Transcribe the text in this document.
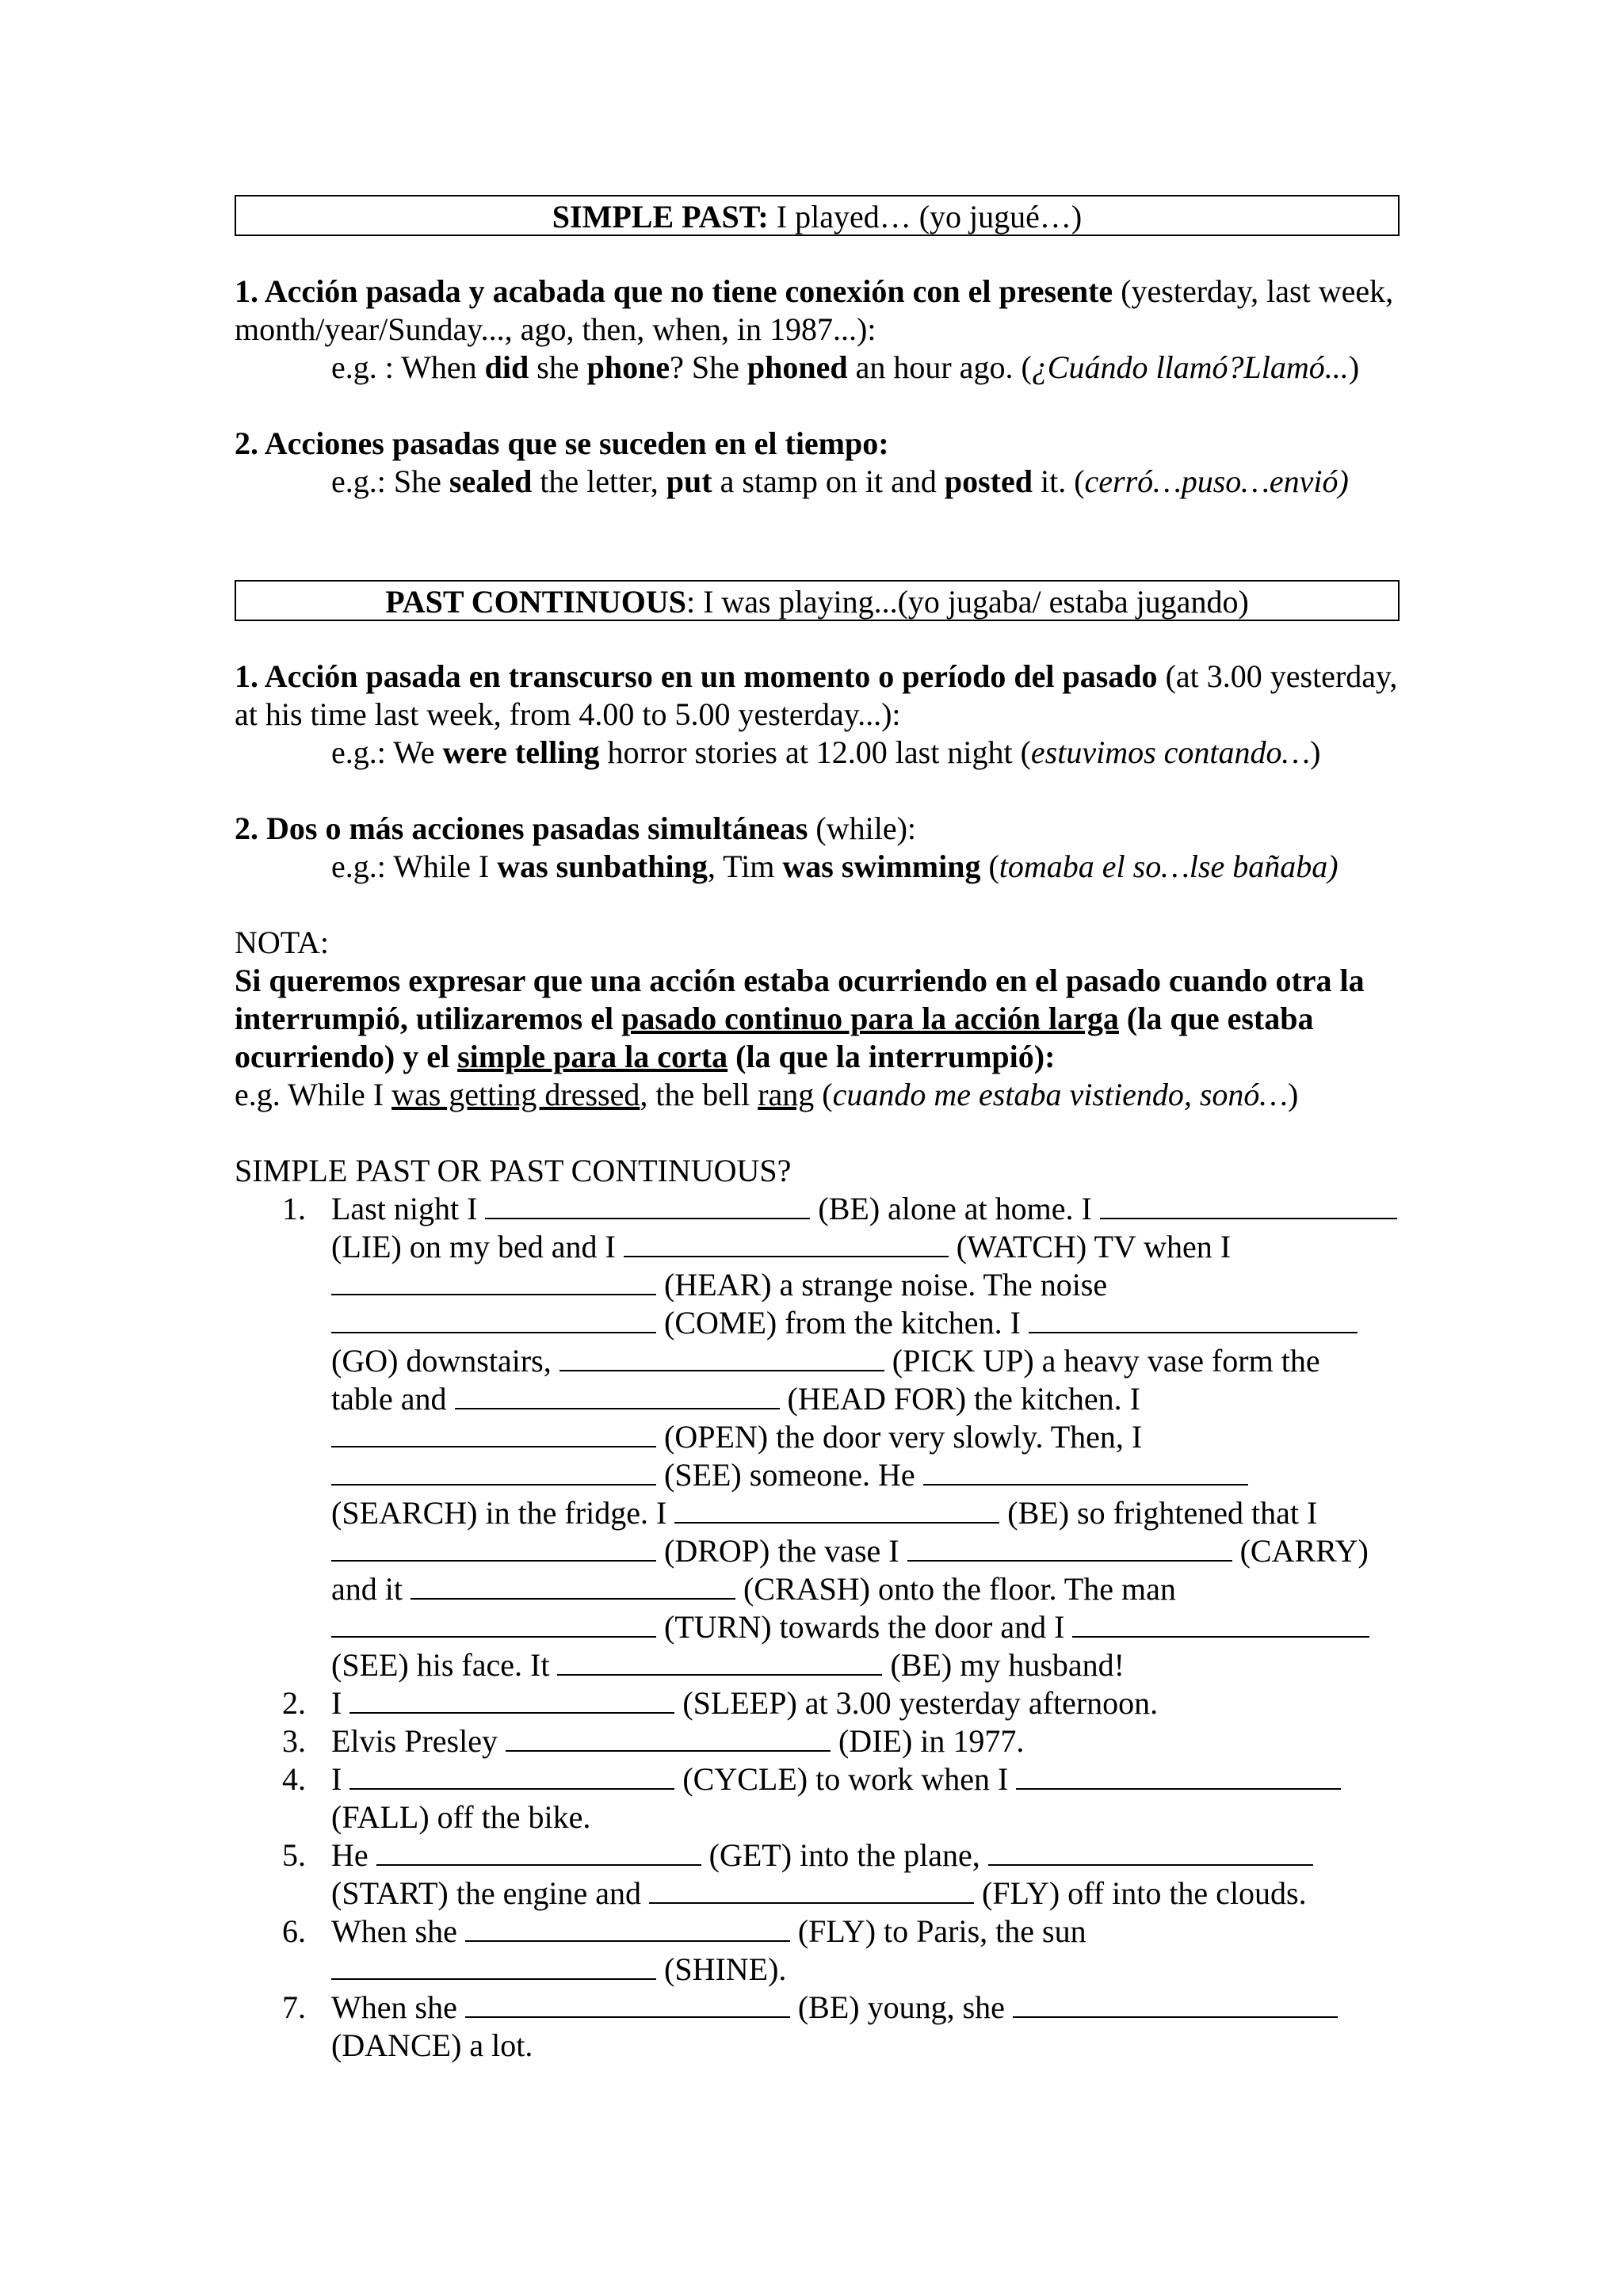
SIMPLE PAST: I played… (yo jugué…)

1. Acción pasada y acabada que no tiene conexión con el presente (yesterday, last week, month/year/Sunday..., ago, then, when, in 1987...):

e.g. : When did she phone? She phoned an hour ago. (¿Cuándo llamó?Llamó...)

2. Acciones pasadas que se suceden en el tiempo:

e.g.: She sealed the letter, put a stamp on it and posted it. (cerró…puso…envió)

PAST CONTINUOUS: I was playing...(yo jugaba/ estaba jugando)

1. Acción pasada en transcurso en un momento o período del pasado (at 3.00 yesterday, at his time last week, from 4.00 to 5.00 yesterday...):

e.g.: We were telling horror stories at 12.00 last night (estuvimos contando…)

2. Dos o más acciones pasadas simultáneas (while):

e.g.: While I was sunbathing, Tim was swimming (tomaba el so…lse bañaba)

NOTA:

Si queremos expresar que una acción estaba ocurriendo en el pasado cuando otra la interrumpió, utilizaremos el pasado continuo para la acción larga (la que estaba ocurriendo) y el simple para la corta (la que la interrumpió):

e.g. While I was getting dressed, the bell rang (cuando me estaba vistiendo, sonó…)

SIMPLE PAST OR PAST CONTINUOUS?

1. Last night I	(BE) alone at home. I
(LIE) on my bed and I	(WATCH) TV when I
(HEAR) a strange noise. The noise
(COME) from the kitchen. I
(GO) downstairs,	(PICK UP) a heavy vase form the
table and	(HEAD FOR) the kitchen. I
(OPEN) the door very slowly. Then, I
(SEE) someone. He
(SEARCH) in the fridge. I	(BE) so frightened that I
(DROP) the vase I	(CARRY)
and it	(CRASH) onto the floor. The man
(TURN) towards the door and I
(SEE) his face. It	(BE) my husband!
2. I	(SLEEP) at 3.00 yesterday afternoon.
3. Elvis Presley	(DIE) in 1977.
4. I	(CYCLE) to work when I
(FALL) off the bike.
5. He	(GET) into the plane,
(START) the engine and	(FLY) off into the clouds.
6. When she	(FLY) to Paris, the sun
(SHINE).
7. When she	(BE) young, she
(DANCE) a lot.
